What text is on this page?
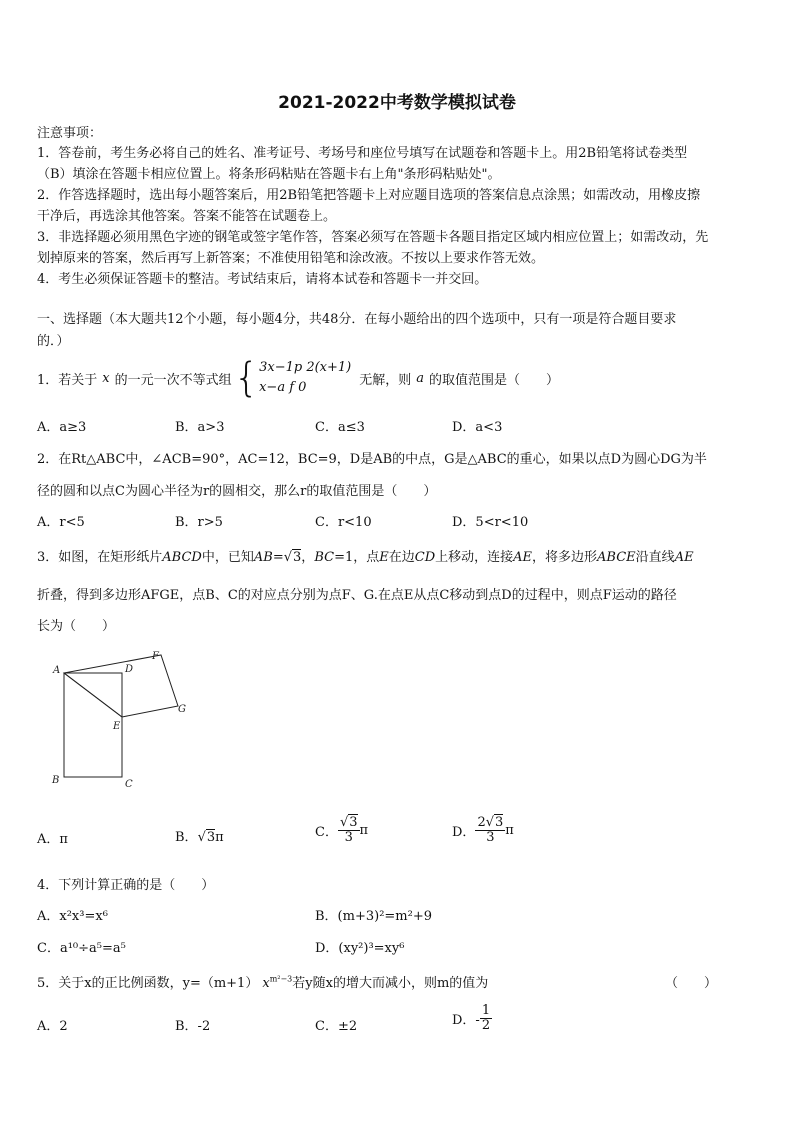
2021-2022中考数学模拟试卷
注意事项：
1．答卷前，考生务必将自己的姓名、准考证号、考场号和座位号填写在试题卷和答题卡上。用2B铅笔将试卷类型
（B）填涂在答题卡相应位置上。将条形码粘贴在答题卡右上角"条形码粘贴处"。
2．作答选择题时，选出每小题答案后，用2B铅笔把答题卡上对应题目选项的答案信息点涂黑；如需改动，用橡皮擦
干净后，再选涂其他答案。答案不能答在试题卷上。
3．非选择题必须用黑色字迹的钢笔或签字笔作答，答案必须写在答题卡各题目指定区域内相应位置上；如需改动，先
划掉原来的答案，然后再写上新答案；不准使用铅笔和涂改液。不按以上要求作答无效。
4．考生必须保证答题卡的整洁。考试结束后，请将本试卷和答题卡一并交回。
一、选择题（本大题共12个小题，每小题4分，共48分．在每小题给出的四个选项中，只有一项是符合题目要求
的．）
1．若关于 x 的一元一次不等式组 { 3x−1p 2(x+1)
x−a f 0	无解，则 a 的取值范围是（　　）
A．a≥3	B．a>3	C．a≤3	D．a<3
2．在Rt△ABC中，∠ACB=90°，AC=12，BC=9，D是AB的中点，G是△ABC的重心，如果以点D为圆心DG为半
径的圆和以点C为圆心半径为r的圆相交，那么r的取值范围是（　　）
A．r<5	B．r>5	C．r<10	D．5<r<10
3．如图，在矩形纸片ABCD中，已知AB=√3，BC=1，点E在边CD上移动，连接AE，将多边形ABCE沿直线AE
折叠，得到多边形AFGE，点B、C的对应点分别为点F、G.在点E从点C移动到点D的过程中，则点F运动的路径
长为（　　）
A	D
F
E
G
B	C
A．π	B．√3π	C． $\frac{√3}{3}$ π	D． $\frac{2√3}{3}$ π
4．下列计算正确的是（　　）
A．x²x³=x⁶	B．(m+3)²=m²+9
C．a¹⁰÷a⁵=a⁵	D．(xy²)³=xy⁶
5．关于x的正比例函数，y=（m+1） $x^{m^2-3}$若y随x的增大而减小，则m的值为	（　　）
A．2	B．-2	C．±2	D．- $\frac{1}{2}$
